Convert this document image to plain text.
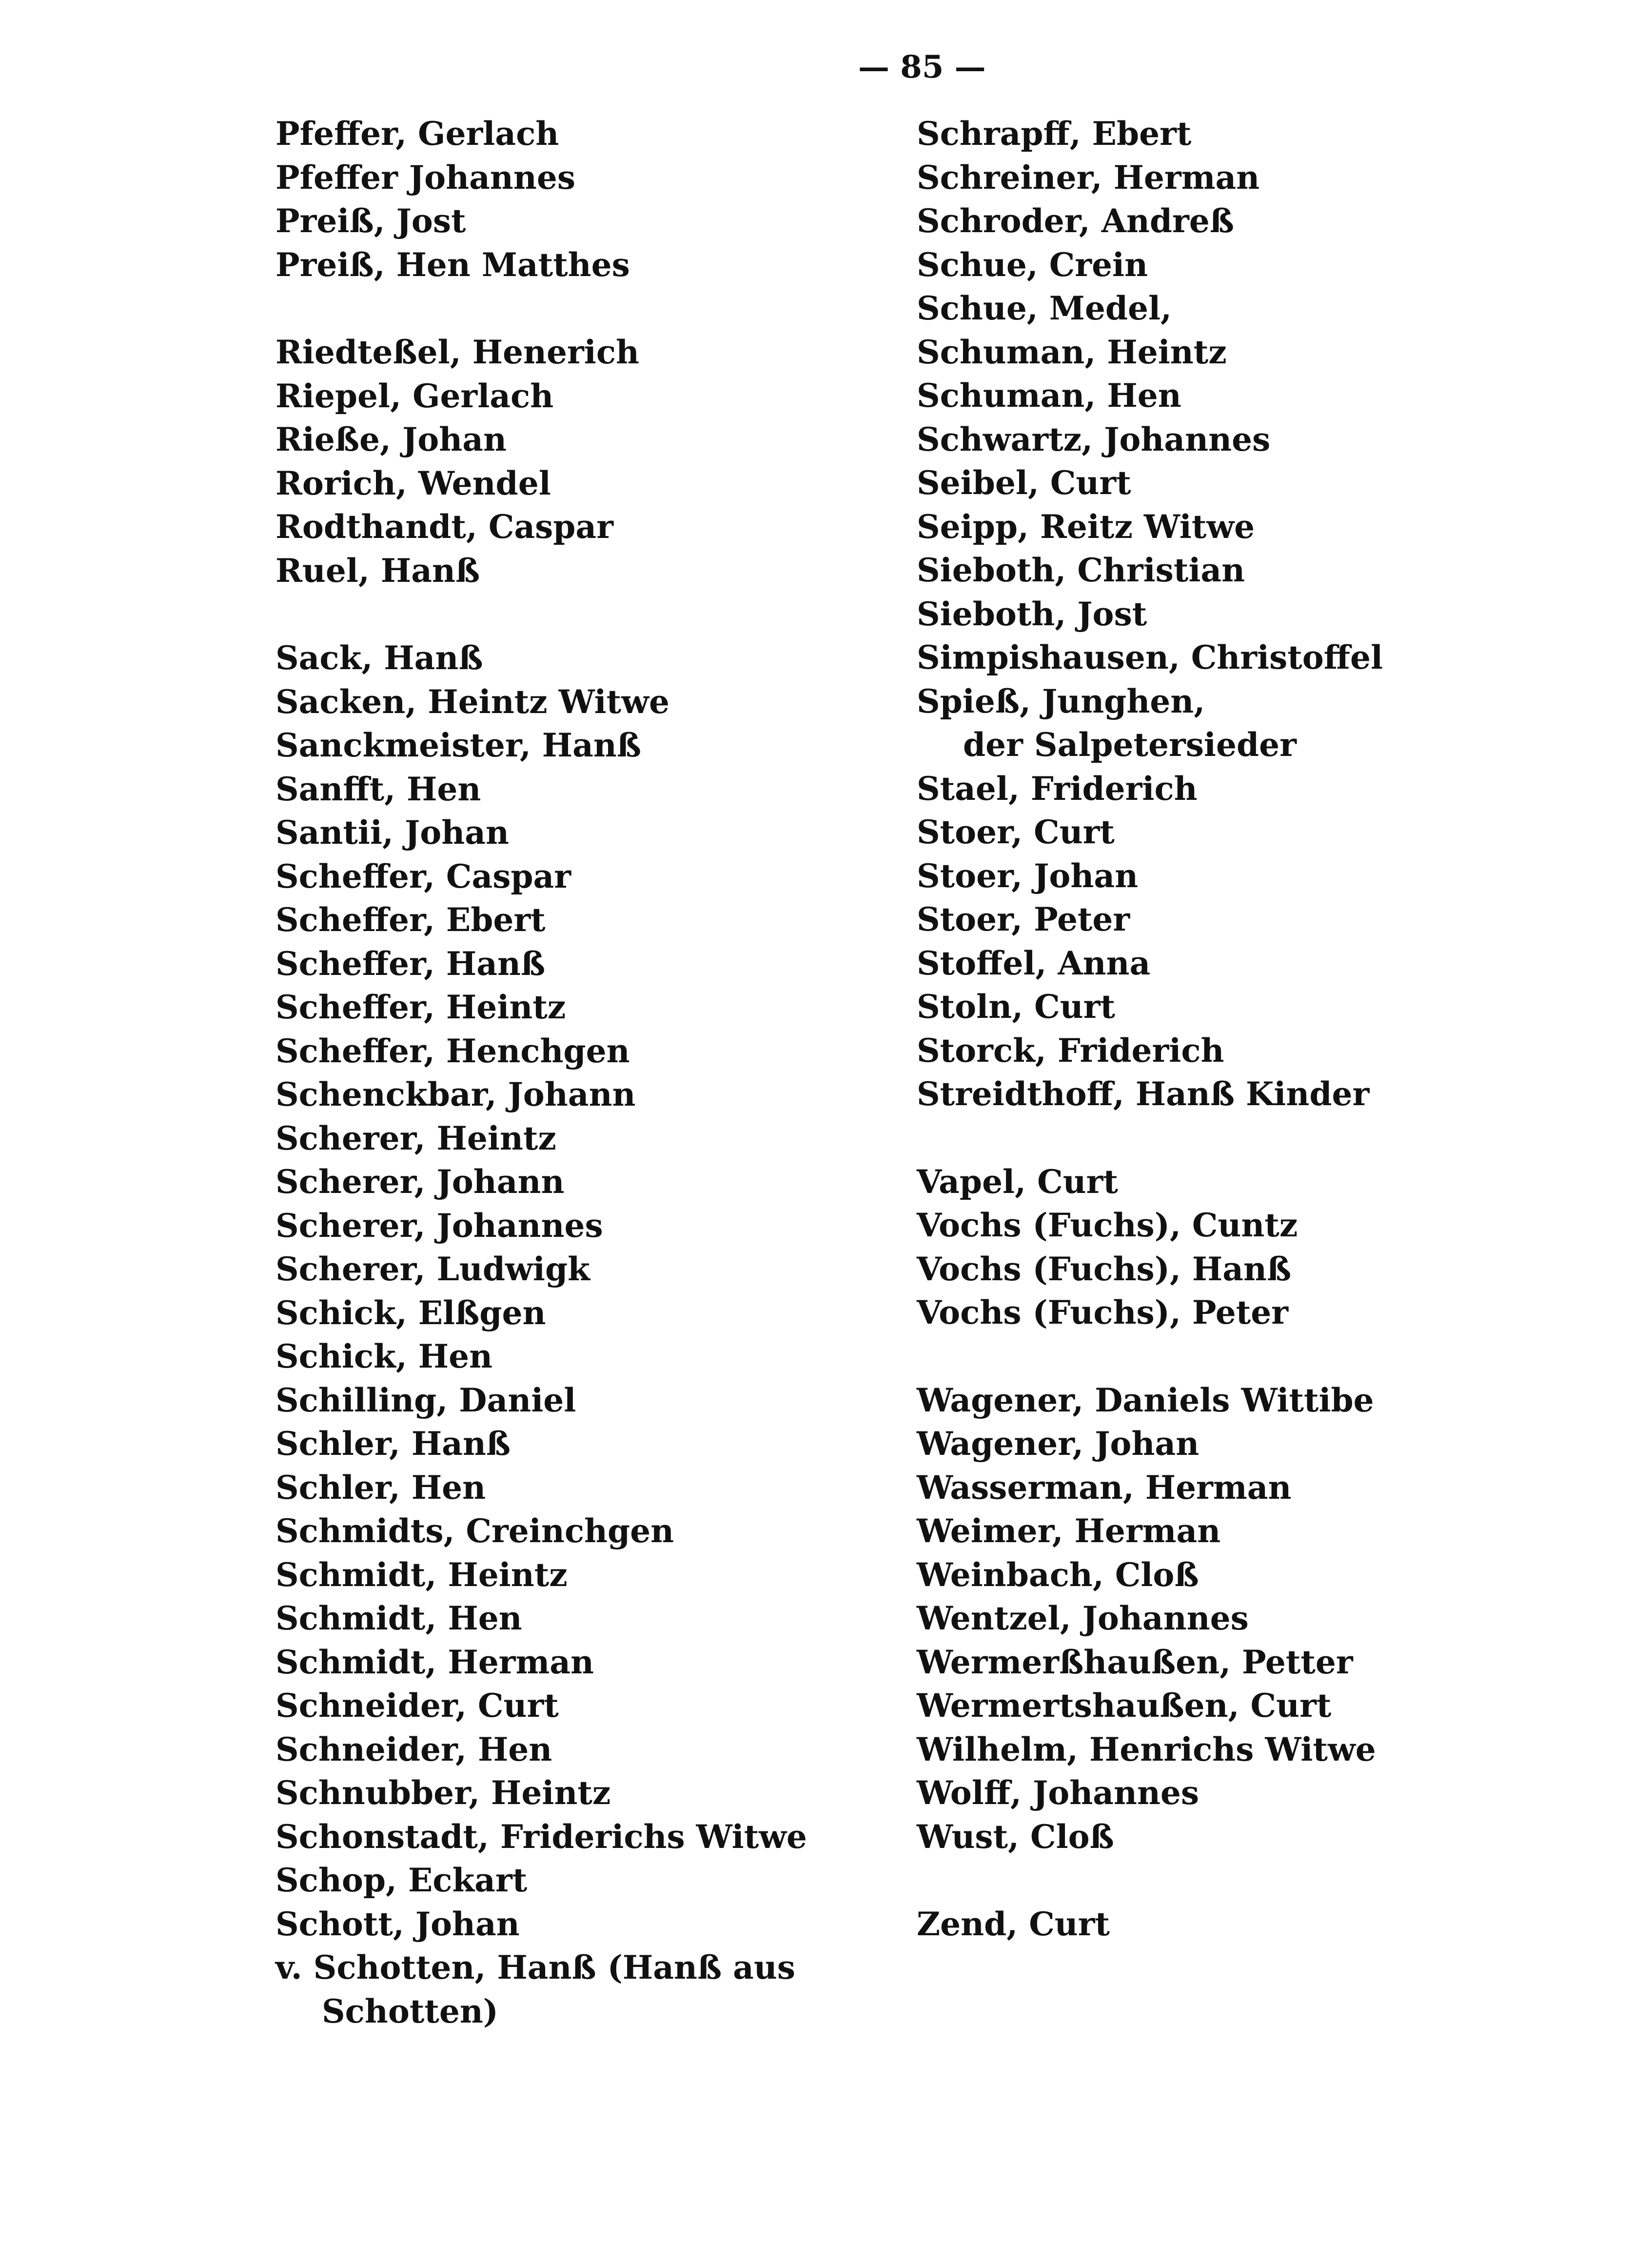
— 85 —
Pfeffer, Gerlach
Pfeffer Johannes
Preiß, Jost
Preiß, Hen Matthes
Riedteßel, Henerich
Riepel, Gerlach
Rießе, Johan
Rorich, Wendel
Rodthandt, Caspar
Ruel, Hanß
Sack, Hanß
Sacken, Heintz Witwe
Sanckmeister, Hanß
Sanfft, Hen
Santii, Johan
Scheffer, Caspar
Scheffer, Ebert
Scheffer, Hanß
Scheffer, Heintz
Scheffer, Henchgen
Schenckbar, Johann
Scherer, Heintz
Scherer, Johann
Scherer, Johannes
Scherer, Ludwigk
Schick, Elßgen
Schick, Hen
Schilling, Daniel
Schler, Hanß
Schler, Hen
Schmidts, Creinchgen
Schmidt, Heintz
Schmidt, Hen
Schmidt, Herman
Schneider, Curt
Schneider, Hen
Schnubber, Heintz
Schonstadt, Friderichs Witwe
Schop, Eckart
Schott, Johan
v. Schotten, Hanß (Hanß aus
Schotten)
Schrapff, Ebert
Schreiner, Herman
Schroder, Andreß
Schue, Crein
Schue, Medel,
Schuman, Heintz
Schuman, Hen
Schwartz, Johannes
Seibel, Curt
Seipp, Reitz Witwe
Sieboth, Christian
Sieboth, Jost
Simpishausen, Christoffel
Spieß, Junghen,
der Salpetersieder
Stael, Friderich
Stoer, Curt
Stoer, Johan
Stoer, Peter
Stoffel, Anna
Stoln, Curt
Storck, Friderich
Streidthoff, Hanß Kinder
Vapel, Curt
Vochs (Fuchs), Cuntz
Vochs (Fuchs), Hanß
Vochs (Fuchs), Peter
Wagener, Daniels Wittibe
Wagener, Johan
Wasserman, Herman
Weimer, Herman
Weinbach, Cloß
Wentzel, Johannes
Wermerßhaußen, Petter
Wermertshaußen, Curt
Wilhelm, Henrichs Witwe
Wolff, Johannes
Wust, Cloß
Zend, Curt
